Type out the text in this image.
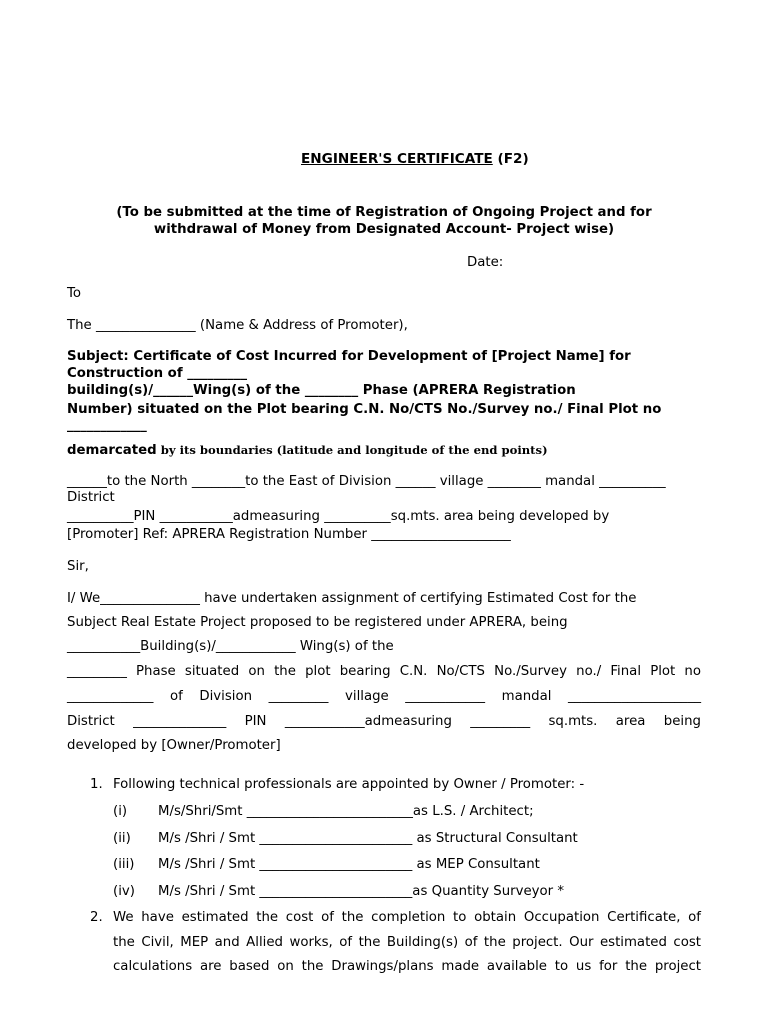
ENGINEER'S CERTIFICATE (F2)
(To be submitted at the time of Registration of Ongoing Project and for
withdrawal of Money from Designated Account- Project wise)
Date:
To
The _______________ (Name & Address of Promoter),
Subject: Certificate of Cost Incurred for Development of [Project Name] for
Construction of _________
building(s)/______Wing(s) of the ________ Phase (APRERA Registration
Number) situated on the Plot bearing C.N. No/CTS No./Survey no./ Final Plot no
____________
demarcated by its boundaries (latitude and longitude of the end points)
______to the North ________to the East of Division ______ village ________ mandal __________
District
__________PIN ___________admeasuring __________sq.mts. area being developed by
[Promoter] Ref: APRERA Registration Number _____________________
Sir,
I/ We_______________ have undertaken assignment of certifying Estimated Cost for the
Subject Real Estate Project proposed to be registered under APRERA, being
___________Building(s)/____________ Wing(s) of the
_________ Phase situated on the plot bearing C.N. No/CTS No./Survey no./ Final Plot no
_____________ of Division _________ village ____________ mandal ____________________
District ______________ PIN ____________admeasuring _________ sq.mts. area being
developed by [Owner/Promoter]
1. Following technical professionals are appointed by Owner / Promoter: -
(i) M/s/Shri/Smt _________________________as L.S. / Architect;
(ii) M/s /Shri / Smt _______________________ as Structural Consultant
(iii) M/s /Shri / Smt _______________________ as MEP Consultant
(iv) M/s /Shri / Smt _______________________as Quantity Surveyor *
2. We have estimated the cost of the completion to obtain Occupation Certificate, of
the Civil, MEP and Allied works, of the Building(s) of the project. Our estimated cost
calculations are based on the Drawings/plans made available to us for the project
